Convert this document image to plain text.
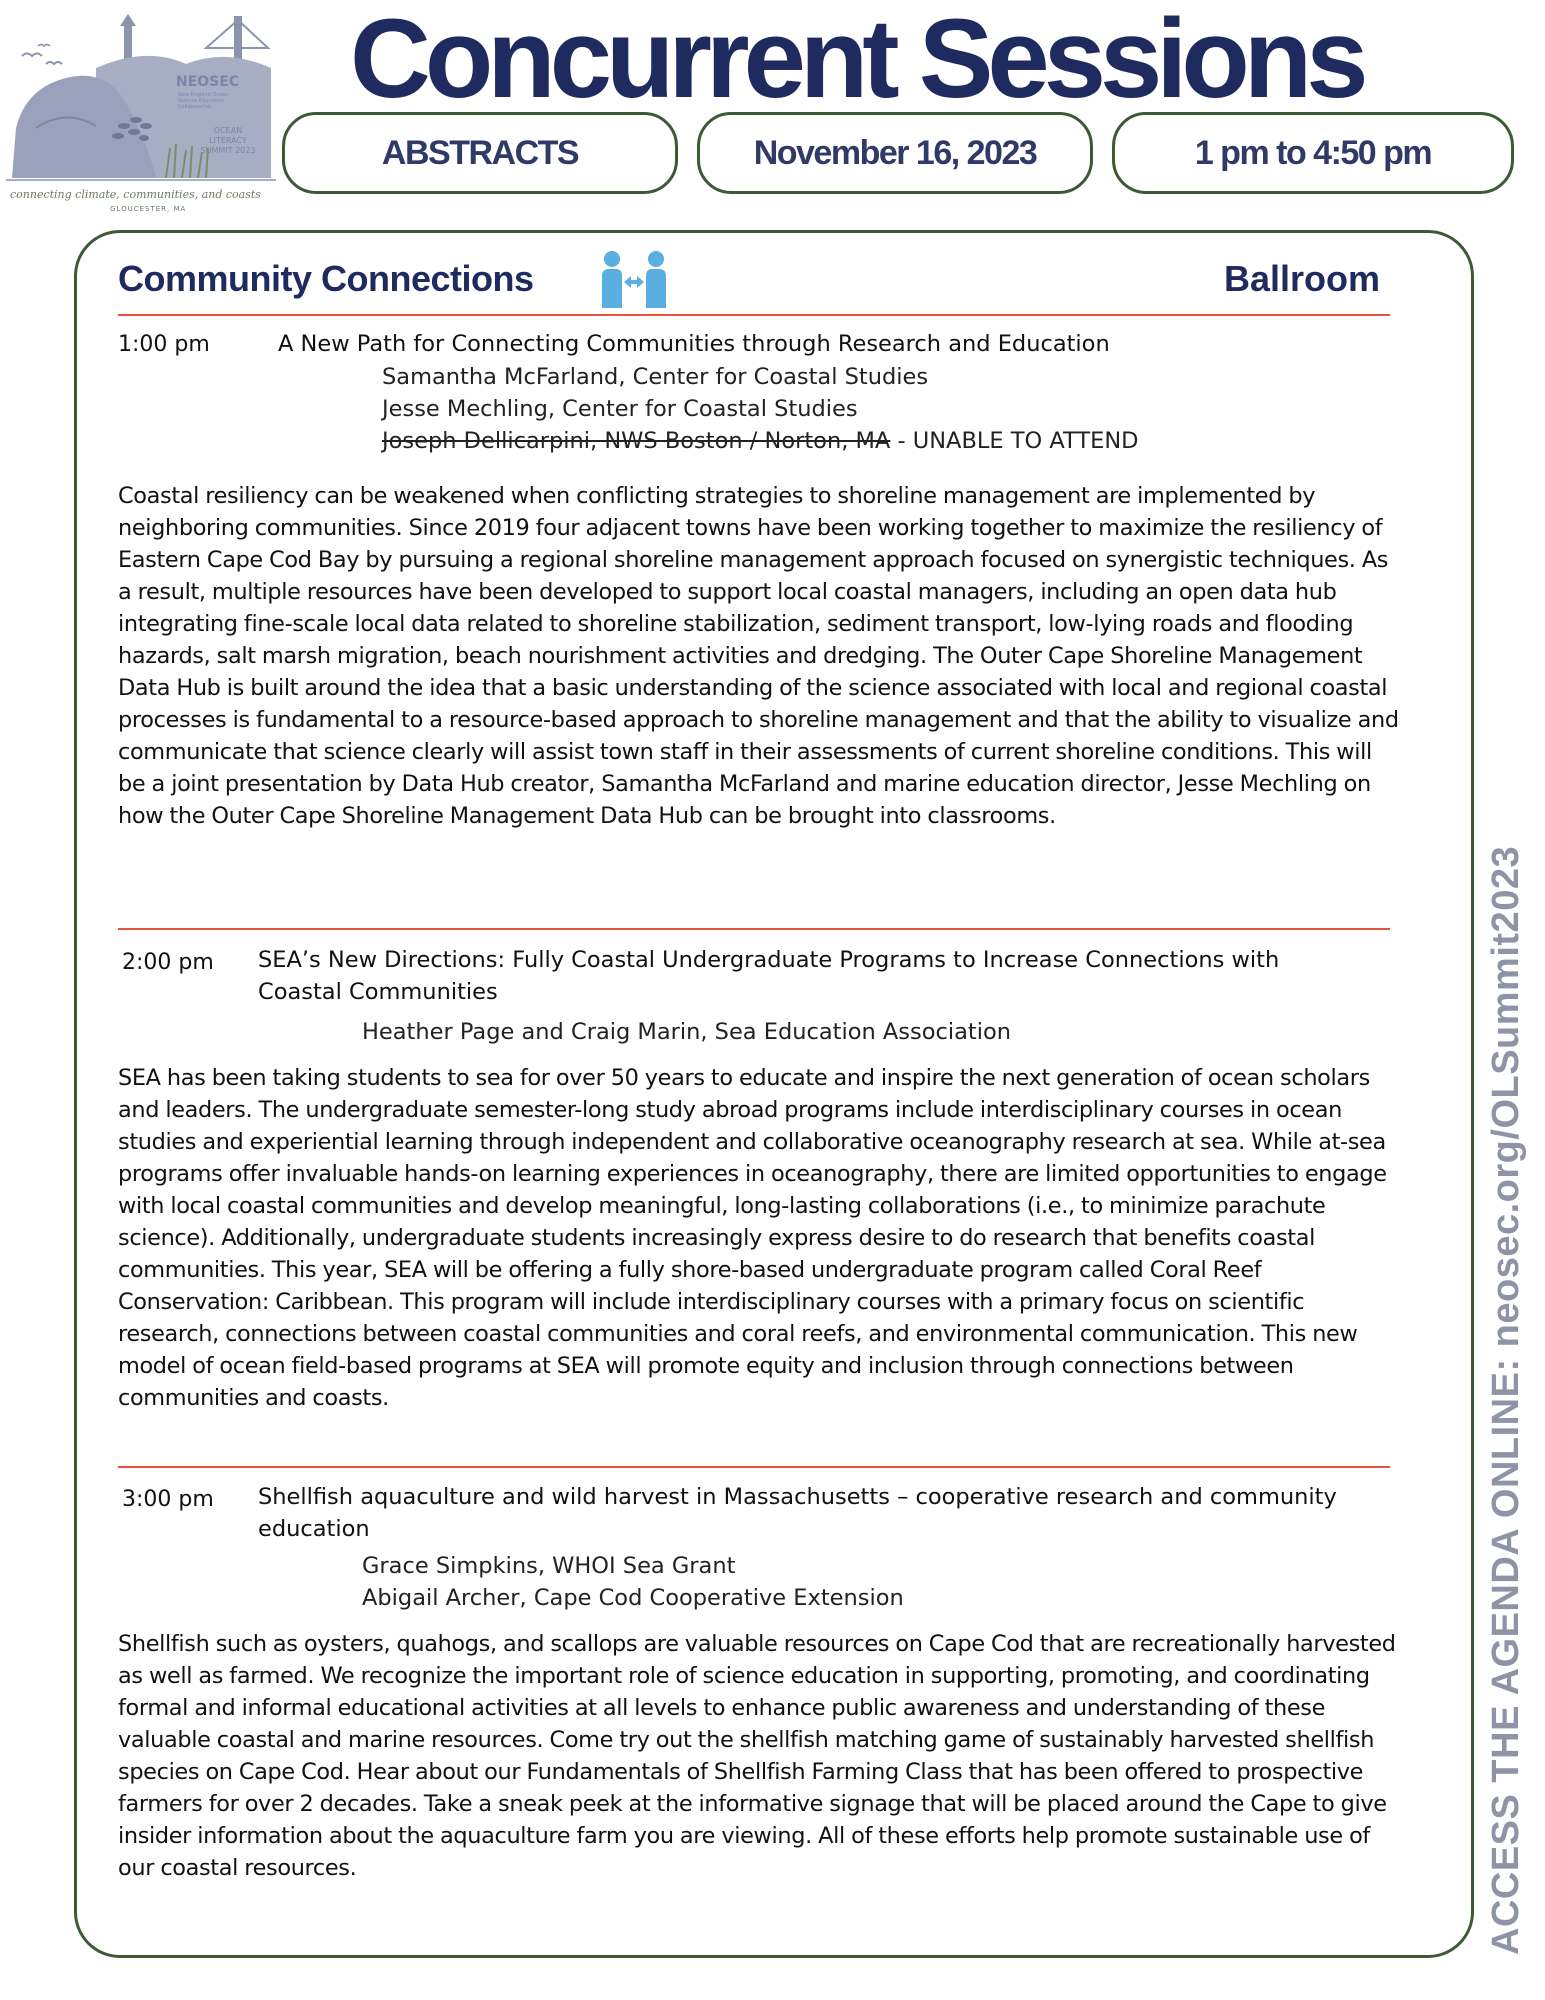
NEOSEC
New England Ocean Science Education Collaborative
OCEAN LITERACY SUMMIT 2023
connecting climate, communities, and coasts
GLOUCESTER, MA
Concurrent Sessions
ABSTRACTS	November 16, 2023	1 pm to 4:50 pm
ACCESS THE AGENDA ONLINE: neosec.org/OLSummit2023
Community Connections	Ballroom
1:00 pm	A New Path for Connecting Communities through Research and Education
Samantha McFarland, Center for Coastal Studies
Jesse Mechling, Center for Coastal Studies
Joseph Dellicarpini, NWS Boston / Norton, MA - UNABLE TO ATTEND
Coastal resiliency can be weakened when conflicting strategies to shoreline management are implemented by neighboring communities. Since 2019 four adjacent towns have been working together to maximize the resiliency of Eastern Cape Cod Bay by pursuing a regional shoreline management approach focused on synergistic techniques. As a result, multiple resources have been developed to support local coastal managers, including an open data hub integrating fine-scale local data related to shoreline stabilization, sediment transport, low-lying roads and flooding hazards, salt marsh migration, beach nourishment activities and dredging. The Outer Cape Shoreline Management Data Hub is built around the idea that a basic understanding of the science associated with local and regional coastal processes is fundamental to a resource-based approach to shoreline management and that the ability to visualize and communicate that science clearly will assist town staff in their assessments of current shoreline conditions. This will be a joint presentation by Data Hub creator, Samantha McFarland and marine education director, Jesse Mechling on how the Outer Cape Shoreline Management Data Hub can be brought into classrooms.
2:00 pm SEA’s New Directions: Fully Coastal Undergraduate Programs to Increase Connections with Coastal Communities
Heather Page and Craig Marin, Sea Education Association
SEA has been taking students to sea for over 50 years to educate and inspire the next generation of ocean scholars and leaders. The undergraduate semester-long study abroad programs include interdisciplinary courses in ocean studies and experiential learning through independent and collaborative oceanography research at sea. While at-sea programs offer invaluable hands-on learning experiences in oceanography, there are limited opportunities to engage with local coastal communities and develop meaningful, long-lasting collaborations (i.e., to minimize parachute science). Additionally, undergraduate students increasingly express desire to do research that benefits coastal communities. This year, SEA will be offering a fully shore-based undergraduate program called Coral Reef Conservation: Caribbean. This program will include interdisciplinary courses with a primary focus on scientific research, connections between coastal communities and coral reefs, and environmental communication. This new model of ocean field-based programs at SEA will promote equity and inclusion through connections between communities and coasts.
3:00 pm Shellfish aquaculture and wild harvest in Massachusetts – cooperative research and community education
Grace Simpkins, WHOI Sea Grant
Abigail Archer, Cape Cod Cooperative Extension
Shellfish such as oysters, quahogs, and scallops are valuable resources on Cape Cod that are recreationally harvested as well as farmed. We recognize the important role of science education in supporting, promoting, and coordinating formal and informal educational activities at all levels to enhance public awareness and understanding of these valuable coastal and marine resources. Come try out the shellfish matching game of sustainably harvested shellfish species on Cape Cod. Hear about our Fundamentals of Shellfish Farming Class that has been offered to prospective farmers for over 2 decades. Take a sneak peek at the informative signage that will be placed around the Cape to give insider information about the aquaculture farm you are viewing. All of these efforts help promote sustainable use of our coastal resources.
